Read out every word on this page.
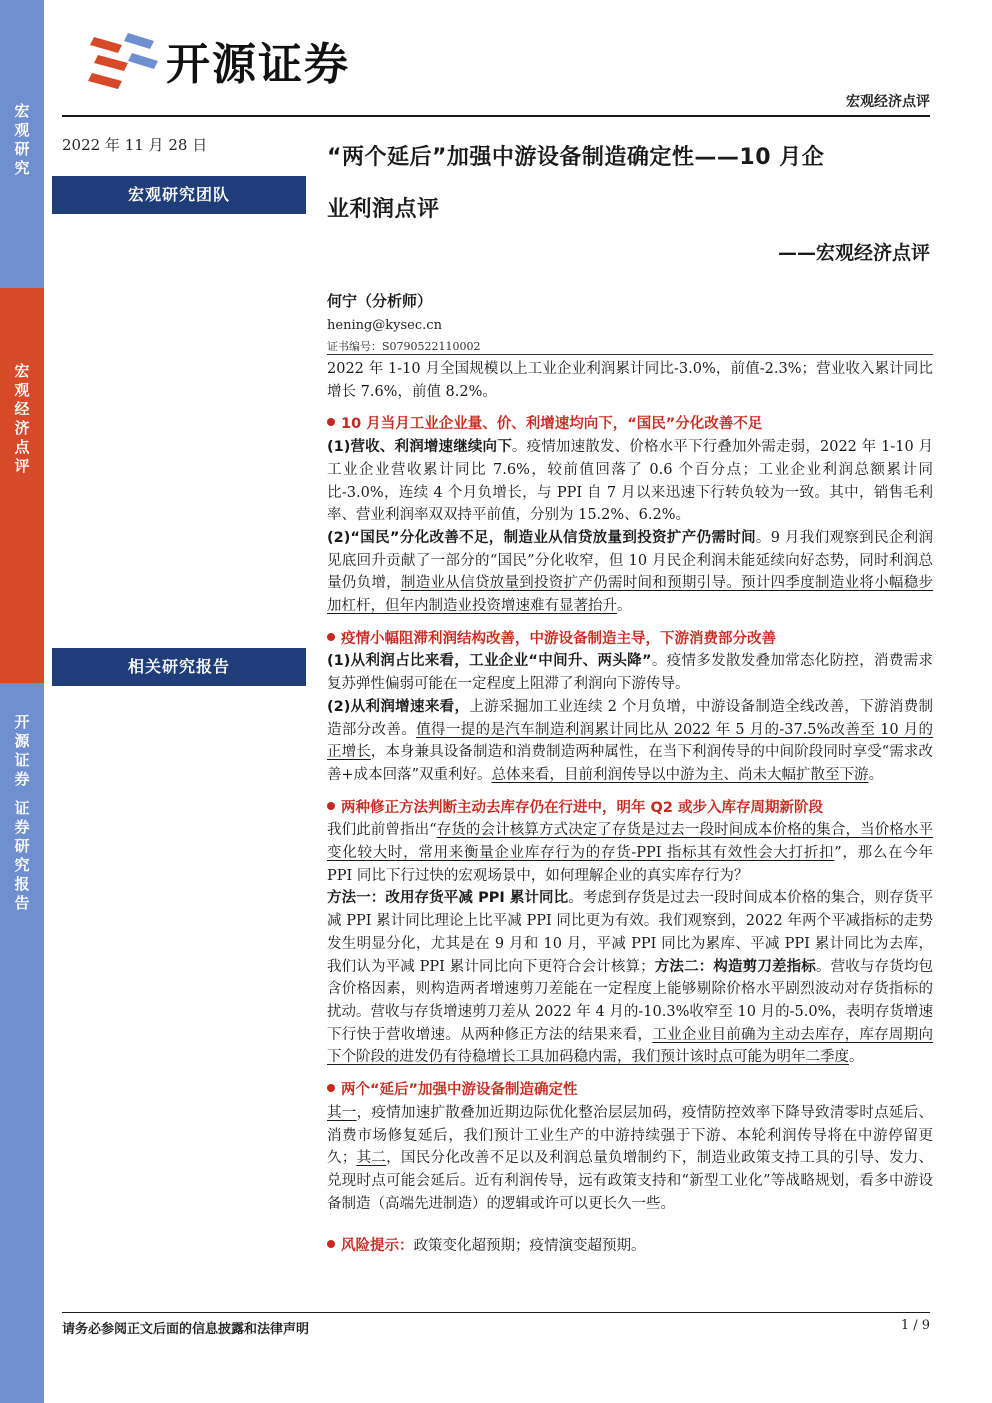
宏
观
研
究
宏
观
经
济
点
评
开
源
证
券
证
券
研
究
报
告
开源证券
宏观经济点评
2022 年 11 月 28 日
宏观研究团队
相关研究报告
“两个延后”加强中游设备制造确定性——10 月企
业利润点评
——宏观经济点评
何宁（分析师）
hening@kysec.cn
证书编号：S0790522110002

2022 年 1-10 月全国规模以上工业企业利润累计同比-3.0%，前值-2.3%；营业收入累计同比增长 7.6%，前值 8.2%。

10 月当月工业企业量、价、利增速均向下，“国民”分化改善不足

(1)营收、利润增速继续向下。疫情加速散发、价格水平下行叠加外需走弱，2022 年 1-10 月工业企业营收累计同比 7.6%，较前值回落了 0.6 个百分点；工业企业利润总额累计同比-3.0%，连续 4 个月负增长，与 PPI 自 7 月以来迅速下行转负较为一致。其中，销售毛利率、营业利润率双双持平前值，分别为 15.2%、6.2%。

(2)“国民”分化改善不足，制造业从信贷放量到投资扩产仍需时间。9 月我们观察到民企利润见底回升贡献了一部分的“国民”分化收窄，但 10 月民企利润未能延续向好态势，同时利润总量仍负增，制造业从信贷放量到投资扩产仍需时间和预期引导。预计四季度制造业将小幅稳步加杠杆，但年内制造业投资增速难有显著抬升。

疫情小幅阻滞利润结构改善，中游设备制造主导，下游消费部分改善

(1)从利润占比来看，工业企业“中间升、两头降”。疫情多发散发叠加常态化防控，消费需求复苏弹性偏弱可能在一定程度上阻滞了利润向下游传导。

(2)从利润增速来看，上游采掘加工业连续 2 个月负增，中游设备制造全线改善，下游消费制造部分改善。值得一提的是汽车制造利润累计同比从 2022 年 5 月的-37.5%改善至 10 月的正增长，本身兼具设备制造和消费制造两种属性，在当下利润传导的中间阶段同时享受“需求改善+成本回落”双重利好。总体来看，目前利润传导以中游为主、尚未大幅扩散至下游。

两种修正方法判断主动去库存仍在行进中，明年 Q2 或步入库存周期新阶段

我们此前曾指出“存货的会计核算方式决定了存货是过去一段时间成本价格的集合，当价格水平变化较大时，常用来衡量企业库存行为的存货-PPI 指标其有效性会大打折扣”，那么在今年 PPI 同比下行过快的宏观场景中，如何理解企业的真实库存行为？

方法一：改用存货平减 PPI 累计同比。考虑到存货是过去一段时间成本价格的集合，则存货平减 PPI 累计同比理论上比平减 PPI 同比更为有效。我们观察到，2022 年两个平减指标的走势发生明显分化，尤其是在 9 月和 10 月，平减 PPI 同比为累库、平减 PPI 累计同比为去库，我们认为平减 PPI 累计同比向下更符合会计核算；方法二：构造剪刀差指标。营收与存货均包含价格因素，则构造两者增速剪刀差能在一定程度上能够剔除价格水平剧烈波动对存货指标的扰动。营收与存货增速剪刀差从 2022 年 4 月的-10.3%收窄至 10 月的-5.0%，表明存货增速下行快于营收增速。从两种修正方法的结果来看，工业企业目前确为主动去库存，库存周期向下个阶段的进发仍有待稳增长工具加码稳内需，我们预计该时点可能为明年二季度。

两个“延后”加强中游设备制造确定性

其一，疫情加速扩散叠加近期边际优化整治层层加码，疫情防控效率下降导致清零时点延后、消费市场修复延后，我们预计工业生产的中游持续强于下游、本轮利润传导将在中游停留更久；其二，国民分化改善不足以及利润总量负增制约下，制造业政策支持工具的引导、发力、兑现时点可能会延后。近有利润传导，远有政策支持和“新型工业化”等战略规划，看多中游设备制造（高端先进制造）的逻辑或许可以更长久一些。

风险提示：政策变化超预期；疫情演变超预期。

请务必参阅正文后面的信息披露和法律声明	1 / 9
